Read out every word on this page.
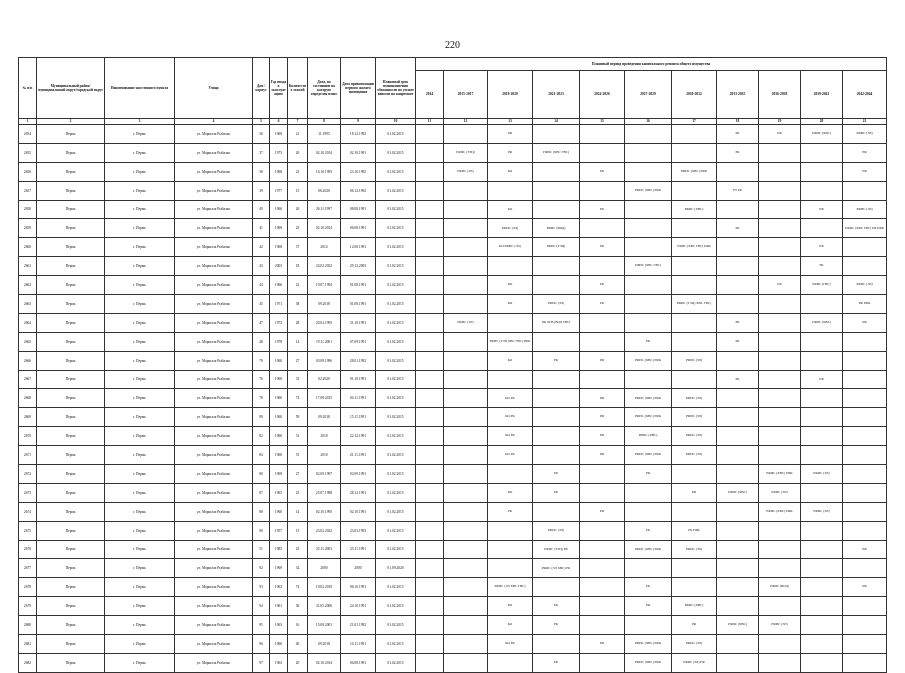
220
№ п/п	Муниципальный район/ муниципальный округ/городской округ	Наименование населенного пункта	Улица	Дом / корпус	Год ввода в эксплуатацию	Количество этажей	Дата, по состоянию на которую определен износ	Дата приватизации первого жилого помещения	Плановый срок возникновения обязанности по уплате взносов на капремонт	Плановый период проведения капитального ремонта общего имущества										
										2014	2015-2017	2018-2020	2021-2023	2024-2026	2027-2029	2030-2032	2033-2035	2036-2038	2039-2041	2042-2044
1	2	3	4	5	6	7	8	9	10	11	12	13	14	15	16	17	18	19	20	21
2654	Пермь	г. Пермь	ул. Маршала Рыбалко	36	1969	21	11.1995	18.12.1992	01.02.2015			РФ					РК	РФ	РФИС (ХВС)	РФИС (ЭЛ)
2655	Пермь	г. Пермь	ул. Маршала Рыбалко	37	1973	20	02.10.2014	02.10.1991	01.02.2015		РФИС (ТЭЦ)	РФ	РФИС (ХВС ГВС)				РК			РФ
2656	Пермь	г. Пермь	ул. Маршала Рыбалко	38	1968	23	16.10.1993	23.10.1992	01.02.2015		РФИС (ЭЛ)	КО		РК		РФИС (ХВС) РФК				РФ
2657	Пермь	г. Пермь	ул. Маршала Рыбалко	39	1977	15	06.2020	06.12.1992	01.02.2015						РФИС (ХВС) РФК		РТ РК			
2658	Пермь	г. Пермь	ул. Маршала Рыбалко	40	1966	26	26.11.1997	08.08.1991	01.02.2015			КО		РК		РФИС (ХВС)			РФ	РФИС (ЭЛ)
2659	Пермь	г. Пермь	ул. Маршала Рыбалко	41	1969	25	02.10.2014	06.08.1991	01.02.2015			РФИС (ЭЛ)	РФИС (ВОД)				РК			РФИС (ХВС ГВС) РФ РФК
2660	Пермь	г. Пермь	ул. Маршала Рыбалко	42	1968	37	2014	12.08.1991	01.02.2015			КО РФИС (ЭЛ)	РФИС (ТЭЦ)	РК		РФИС (ХВС ГВС) РФК			РФ	
2661	Пермь	г. Пермь	ул. Маршала Рыбалко	43	2003	18	24.02.2022	29.12.2003	01.02.2015						РФИС (ХВС ГВС)				РК	
2662	Пермь	г. Пермь	ул. Маршала Рыбалко	44	1966	22	19.07.1994	01.08.1991	01.02.2015			КО		РК				РФ	РФИС (ГВС)	РФИС (ЭЛ)
2663	Пермь	г. Пермь	ул. Маршала Рыбалко	45	1971	38	09.2018	01.08.1991	01.02.2015			КО	РФИС (ЭЛ)	РК		РФИС (ТЭЦ) ХВС ГВС)				РФ РФК
2664	Пермь	г. Пермь	ул. Маршала Рыбалко	47	1972	28	20.02.1995	31.10.1991	01.02.2015		РФИС (ЭЛ)		РФ ХГВ (ВОД ГВС)				РК		РФИС (ХВС)	РФ
2665	Пермь	г. Пермь	ул. Маршала Рыбалко	48	1978	14	19.11.2001	07.09.1991	01.02.2015			РФИС (ТЭЦ ХВС ГВС) РФК			РК		РК			
2666	Пермь	г. Пермь	ул. Маршала Рыбалко	79	1960	27	03.09.1996	28.01.1992	01.02.2015			КО	РК	РФ	РФИС (ХВС) РФК	РФИС (ЭЛ)				
2667	Пермь	г. Пермь	ул. Маршала Рыбалко	76	1960	31	02.2020	01.10.1991	01.02.2015								РК		РФ	
2668	Пермь	г. Пермь	ул. Маршала Рыбалко	78	1960	74	17.08.2015	04.11.1991	01.02.2015			КО РК		РФ	РФИС (ХВС) РФК	РФИС (ЭЛ)				
2669	Пермь	г. Пермь	ул. Маршала Рыбалко	80	1960	59	09.2018	15.11.1991	01.02.2015			КО РК		РФ	РФИС (ХВС) РФК	РФИС (ЭЛ)				
2670	Пермь	г. Пермь	ул. Маршала Рыбалко	82	1960	31	2018	22.12.1991	01.02.2015			КО РК		РФ	РФИС (ХВС)	РФИС (ЭЛ)				
2671	Пермь	г. Пермь	ул. Маршала Рыбалко	84	1960	51	2018	21.11.1991	01.02.2015			КО РК		РФ	РФИС (ХВС) РФК	РФИС (ЭЛ)				
2672	Пермь	г. Пермь	ул. Маршала Рыбалко	86	1969	27	02.09.1997	02.09.1991	01.02.2015				РК		РФ			РФИС (ХВС) РФК	РФИС (ЭЛ)	
2673	Пермь	г. Пермь	ул. Маршала Рыбалко	87	1963	23	25.07.1998	28.12.1991	01.02.2015			КО	РК			РФ	РФИС (ХВС)	РФИС (ЭЛ)		
2674	Пермь	г. Пермь	ул. Маршала Рыбалко	88	1960	14	02.10.1995	02.10.1991	01.02.2015			РК		РФ				РФИС (ХВС) РФК	РФИС (ЭЛ)	
2675	Пермь	г. Пермь	ул. Маршала Рыбалко	90	1957	15	23.02.2022	23.03.1993	01.02.2015				РФИС (ЭЛ)		РК	РК РФК				
2676	Пермь	г. Пермь	ул. Маршала Рыбалко	51	1983	25	25.11.2003	23.11.1991	01.02.2015				РФИС (ТЭЦ) РК		РФИС (ХВС) РФК	РФИС (ЭЛ)				РФ
2677	Пермь	г. Пермь	ул. Маршала Рыбалко	92	1969	32	2000	2000	01.09.2020				РФИС (ЭЛ ХВС) РК							
2678	Пермь	г. Пермь	ул. Маршала Рыбалко	93	1963	74	19.02.2019	06.10.1991	01.02.2015			РФИС (ЭЛ ХВС ГВС)			РК			РФИС (ВОД)		РФ
2679	Пермь	г. Пермь	ул. Маршала Рыбалко	94	1961	36	31.05.2006	24.10.1991	01.02.2015			КО	РК		РФ	РФИС (ХВС)				
2680	Пермь	г. Пермь	ул. Маршала Рыбалко	95	1963	16	15.08.2001	21.01.1992	01.02.2015			КО	РК			РФ	РФИС (ХВС)	РФИС (ЭЛ)		
2681	Пермь	г. Пермь	ул. Маршала Рыбалко	96	1960	40	09.2018	14.11.1991	01.02.2015			КО РК		РФ	РФИС (ХВС) РФК	РФИС (ЭЛ)				
2682	Пермь	г. Пермь	ул. Маршала Рыбалко	97	1963	20	02.10.2014	06.08.1991	01.02.2015				РК		РФИС (ХВС) РФК	РФИС (ЭЛ) РФ				
